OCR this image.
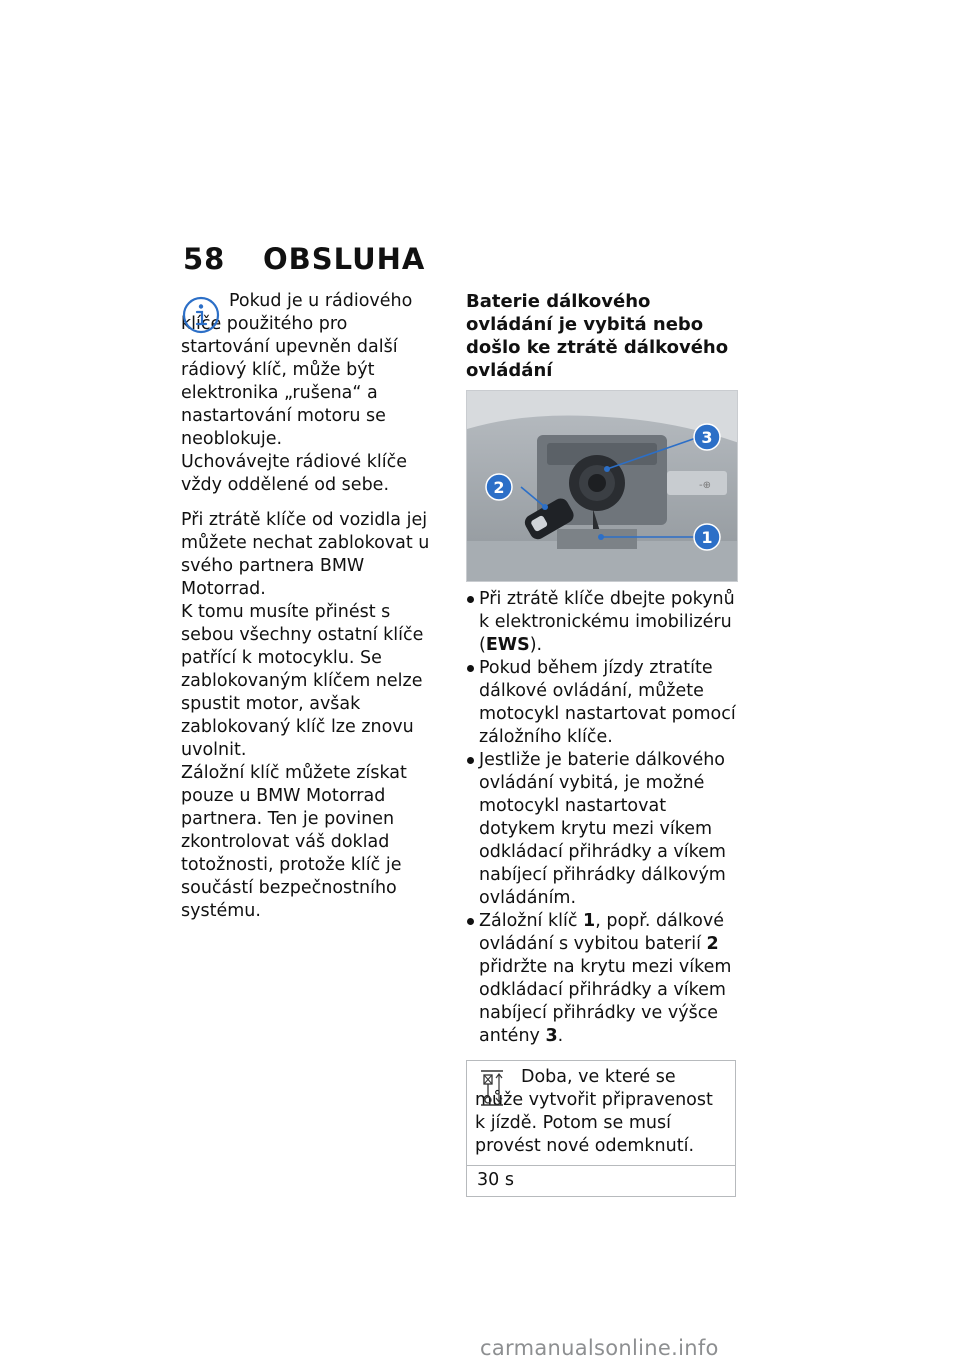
58 OBSLUHA

Pokud je u rádiového klíče použitého pro startování upevněn další rádiový klíč, může být elektronika „rušena“ a nastartování motoru se neoblokuje.

Uchovávejte rádiové klíče vždy oddělené od sebe.

Při ztrátě klíče od vozidla jej můžete nechat zablokovat u svého partnera BMW Motorrad.

K tomu musíte přinést s sebou všechny ostatní klíče patřící k motocyklu. Se zablokovaným klíčem nelze spustit motor, avšak zablokovaný klíč lze znovu uvolnit.

Záložní klíč můžete získat pouze u BMW Motorrad partnera. Ten je povinen zkontrolovat váš doklad totožnosti, protože klíč je součástí bezpečnostního systému.

Baterie dálkového ovládání je vybitá nebo došlo ke ztrátě dálkového ovládání
-⊕
3
2
1
Při ztrátě klíče dbejte pokynů k elektronickému imobilizéru (EWS).
Pokud během jízdy ztratíte dálkové ovládání, můžete motocykl nastartovat pomocí záložního klíče.
Jestliže je baterie dálkového ovládání vybitá, je možné motocykl nastartovat dotykem krytu mezi víkem odkládací přihrádky a víkem nabíjecí přihrádky dálkovým ovládáním.
Záložní klíč 1, popř. dálkové ovládání s vybitou baterií 2 přidržte na krytu mezi víkem odkládací přihrádky a víkem nabíjecí přihrádky ve výšce antény 3.

Doba, ve které se může vytvořit připravenost k jízdě. Potom se musí provést nové odemknutí.

30 s
carmanualsonline.info
